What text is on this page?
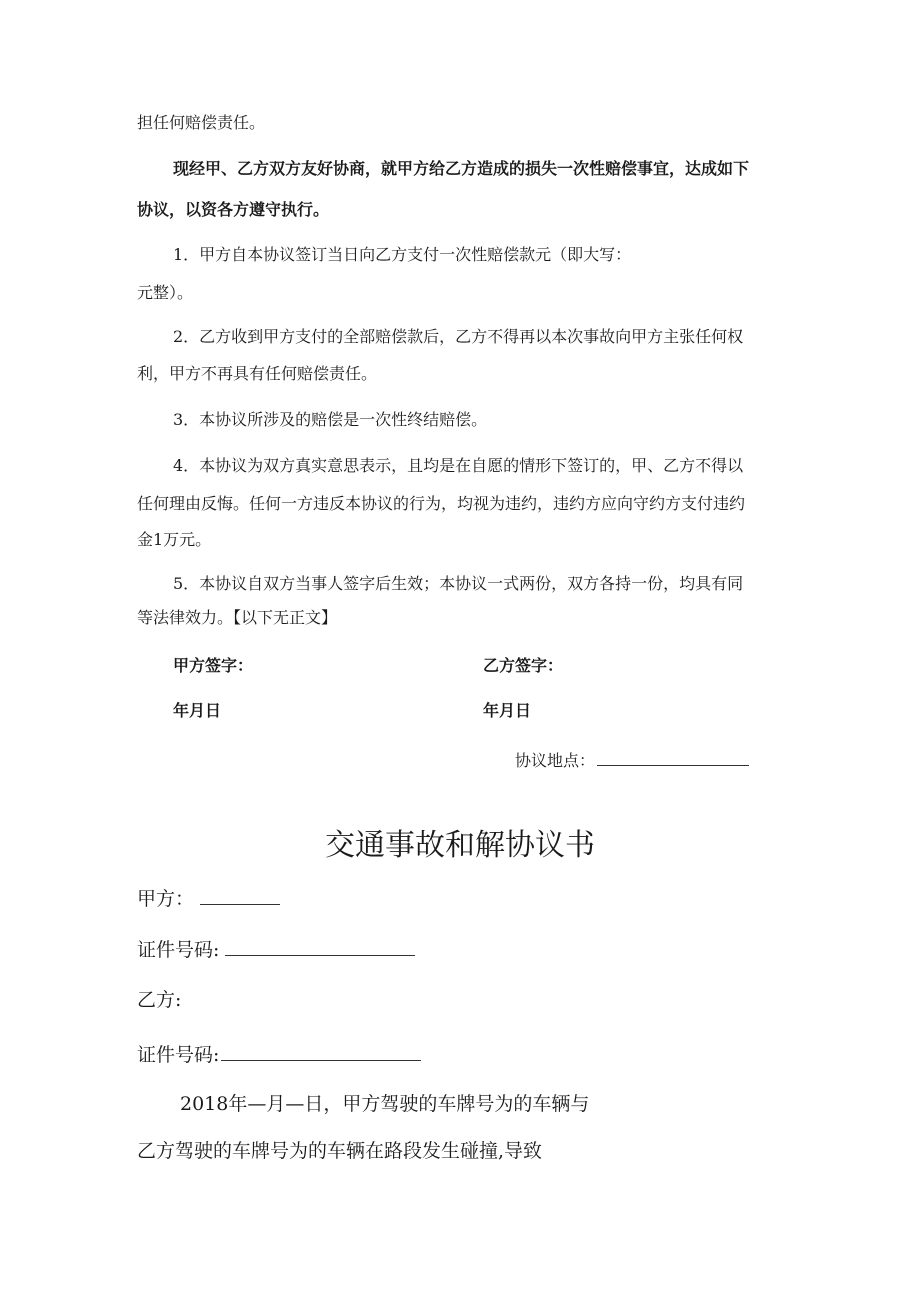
担任何赔偿责任。
现经甲、乙方双方友好协商，就甲方给乙方造成的损失一次性赔偿事宜，达成如下
协议，以资各方遵守执行。
1．甲方自本协议签订当日向乙方支付一次性赔偿款元（即大写：
元整）。
2．乙方收到甲方支付的全部赔偿款后，乙方不得再以本次事故向甲方主张任何权
利，甲方不再具有任何赔偿责任。
3．本协议所涉及的赔偿是一次性终结赔偿。
4．本协议为双方真实意思表示，且均是在自愿的情形下签订的，甲、乙方不得以
任何理由反悔。任何一方违反本协议的行为，均视为违约，违约方应向守约方支付违约
金1万元。
5．本协议自双方当事人签字后生效；本协议一式两份，双方各持一份，均具有同
等法律效力。【以下无正文】
甲方签字：	乙方签字：
年月日	年月日
协议地点：
交通事故和解协议书
甲方：
证件号码:
乙方:
证件号码:
2018年—月—日，甲方驾驶的车牌号为的车辆与
乙方驾驶的车牌号为的车辆在路段发生碰撞,导致
